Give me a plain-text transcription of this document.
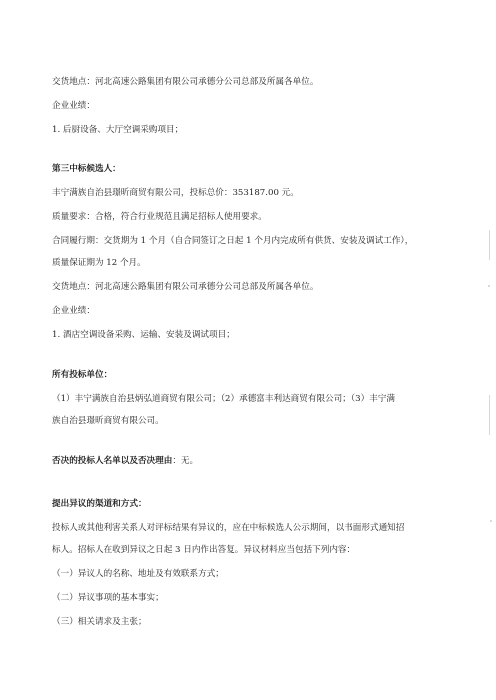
交货地点：河北高速公路集团有限公司承德分公司总部及所属各单位。
企业业绩：
1. 后厨设备、大厅空调采购项目；
第三中标候选人：
丰宁满族自治县璟昕商贸有限公司，投标总价：353187.00 元。
质量要求：合格，符合行业规范且满足招标人使用要求。
合同履行期：交货期为 1 个月（自合同签订之日起 1 个月内完成所有供货、安装及调试工作），
质量保证期为 12 个月。
交货地点：河北高速公路集团有限公司承德分公司总部及所属各单位。
企业业绩：
1. 酒店空调设备采购、运输、安装及调试项目；
所有投标单位：
（1）丰宁满族自治县炳弘道商贸有限公司；（2）承德富丰利达商贸有限公司；（3）丰宁满
族自治县璟昕商贸有限公司。
否决的投标人名单以及否决理由：无。
提出异议的渠道和方式：
投标人或其他利害关系人对评标结果有异议的，应在中标候选人公示期间，以书面形式通知招
标人。招标人在收到异议之日起 3 日内作出答复。异议材料应当包括下列内容：
（一）异议人的名称、地址及有效联系方式；
（二）异议事项的基本事实；
（三）相关请求及主张；
